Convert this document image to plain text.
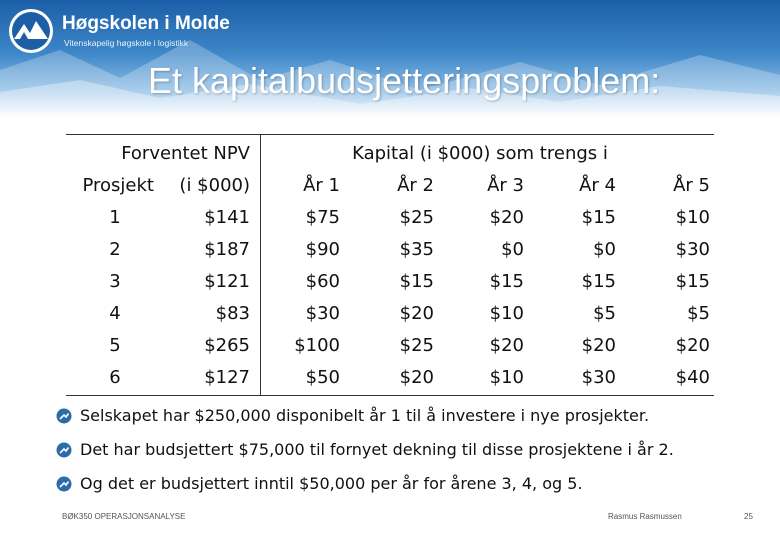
Høgskolen i Molde
Vitenskapelig høgskole i logistikk
Et kapitalbudsjetteringsproblem:
Forventet NPV	Kapital (i $000) som trengs i
Prosjekt	(i $000)	År 1	År 2	År 3	År 4	År 5
1	$141	$75	$25	$20	$15	$10
2	$187	$90	$35	$0	$0	$30
3	$121	$60	$15	$15	$15	$15
4	$83	$30	$20	$10	$5	$5
5	$265	$100	$25	$20	$20	$20
6	$127	$50	$20	$10	$30	$40
Selskapet har $250,000 disponibelt år 1 til å investere i nye prosjekter.
Det har budsjettert $75,000 til fornyet dekning til disse prosjektene i år 2.
Og det er budsjettert inntil $50,000 per år for årene 3, 4, og 5.
BØK350 OPERASJONSANALYSE	Rasmus Rasmussen	25
